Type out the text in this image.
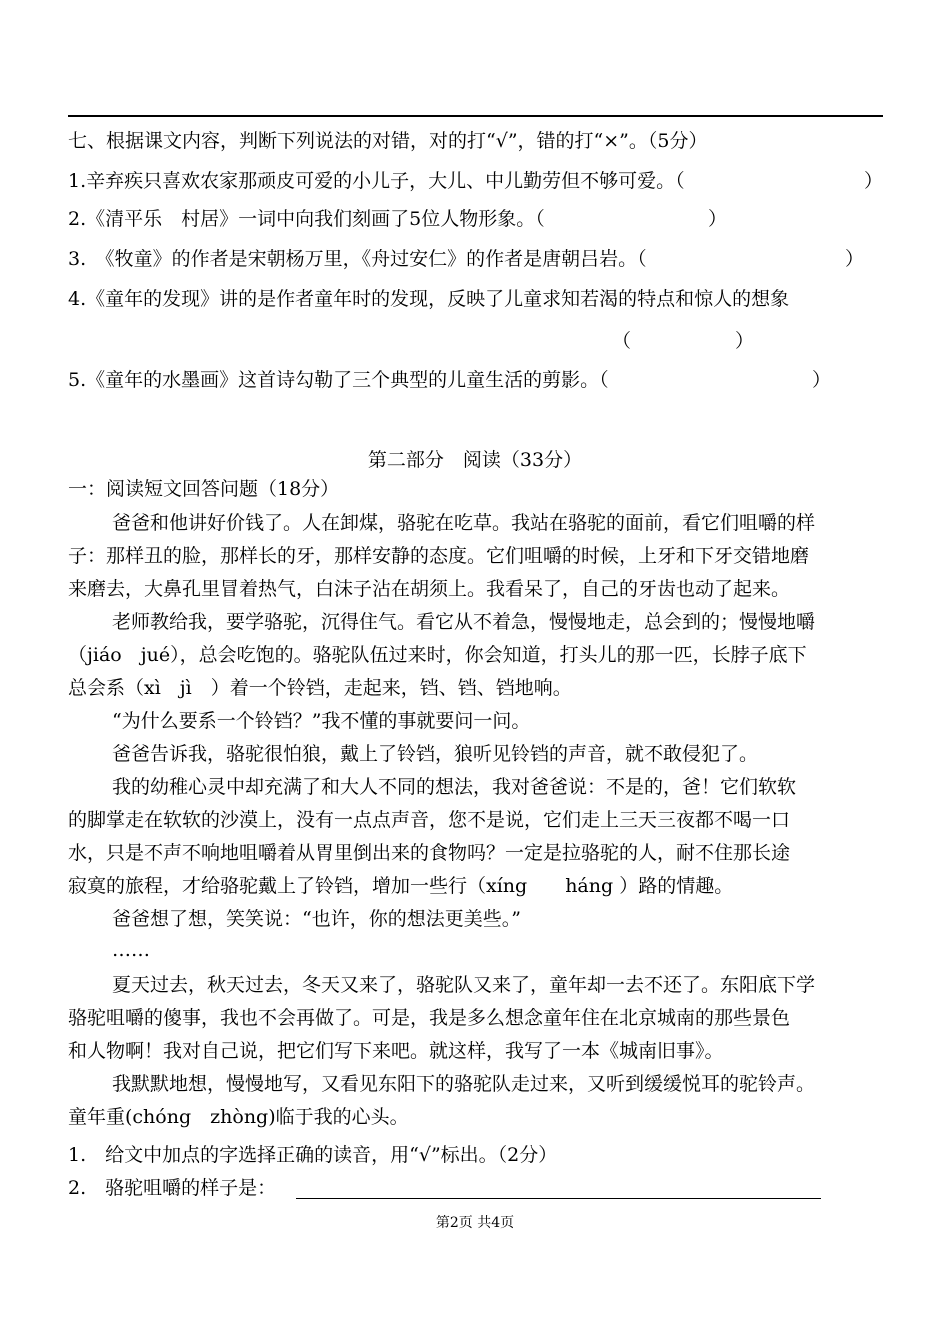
七、根据课文内容，判断下列说法的对错，对的打“√”，错的打“×”。（5分）
1.辛弃疾只喜欢农家那顽皮可爱的小儿子，大儿、中儿勤劳但不够可爱。（	）
2.《清平乐　村居》一词中向我们刻画了5位人物形象。（	）
3.　《牧童》的作者是宋朝杨万里，《舟过安仁》的作者是唐朝吕岩。（	）
4.《童年的发现》讲的是作者童年时的发现，反映了儿童求知若渴的特点和惊人的想象
（	）
5.《童年的水墨画》这首诗勾勒了三个典型的儿童生活的剪影。（	）
第二部分　阅读（33分）
一：阅读短文回答问题（18分）
爸爸和他讲好价钱了。人在卸煤，骆驼在吃草。我站在骆驼的面前，看它们咀嚼的样
子：那样丑的脸，那样长的牙，那样安静的态度。它们咀嚼的时候，上牙和下牙交错地磨
来磨去，大鼻孔里冒着热气，白沫子沾在胡须上。我看呆了，自己的牙齿也动了起来。
老师教给我，要学骆驼，沉得住气。看它从不着急，慢慢地走，总会到的；慢慢地嚼
（jiáo　jué），总会吃饱的。骆驼队伍过来时，你会知道，打头儿的那一匹，长脖子底下
总会系（xì　jì　）着一个铃铛，走起来，铛、铛、铛地响。
“为什么要系一个铃铛？”我不懂的事就要问一问。
爸爸告诉我，骆驼很怕狼，戴上了铃铛，狼听见铃铛的声音，就不敢侵犯了。
我的幼稚心灵中却充满了和大人不同的想法，我对爸爸说：不是的，爸！它们软软
的脚掌走在软软的沙漠上，没有一点点声音，您不是说，它们走上三天三夜都不喝一口
水，只是不声不响地咀嚼着从胃里倒出来的食物吗？一定是拉骆驼的人，耐不住那长途
寂寞的旅程，才给骆驼戴上了铃铛，增加一些行（xíng　　háng ）路的情趣。
爸爸想了想，笑笑说：“也许，你的想法更美些。”
……
夏天过去，秋天过去，冬天又来了，骆驼队又来了，童年却一去不还了。东阳底下学
骆驼咀嚼的傻事，我也不会再做了。可是，我是多么想念童年住在北京城南的那些景色
和人物啊！我对自己说，把它们写下来吧。就这样，我写了一本《城南旧事》。
我默默地想，慢慢地写，又看见东阳下的骆驼队走过来，又听到缓缓悦耳的驼铃声。
童年重(chóng　zhòng)临于我的心头。
1.　给文中加点的字选择正确的读音，用“√”标出。（2分）
2.　骆驼咀嚼的样子是：
第2页 共4页
